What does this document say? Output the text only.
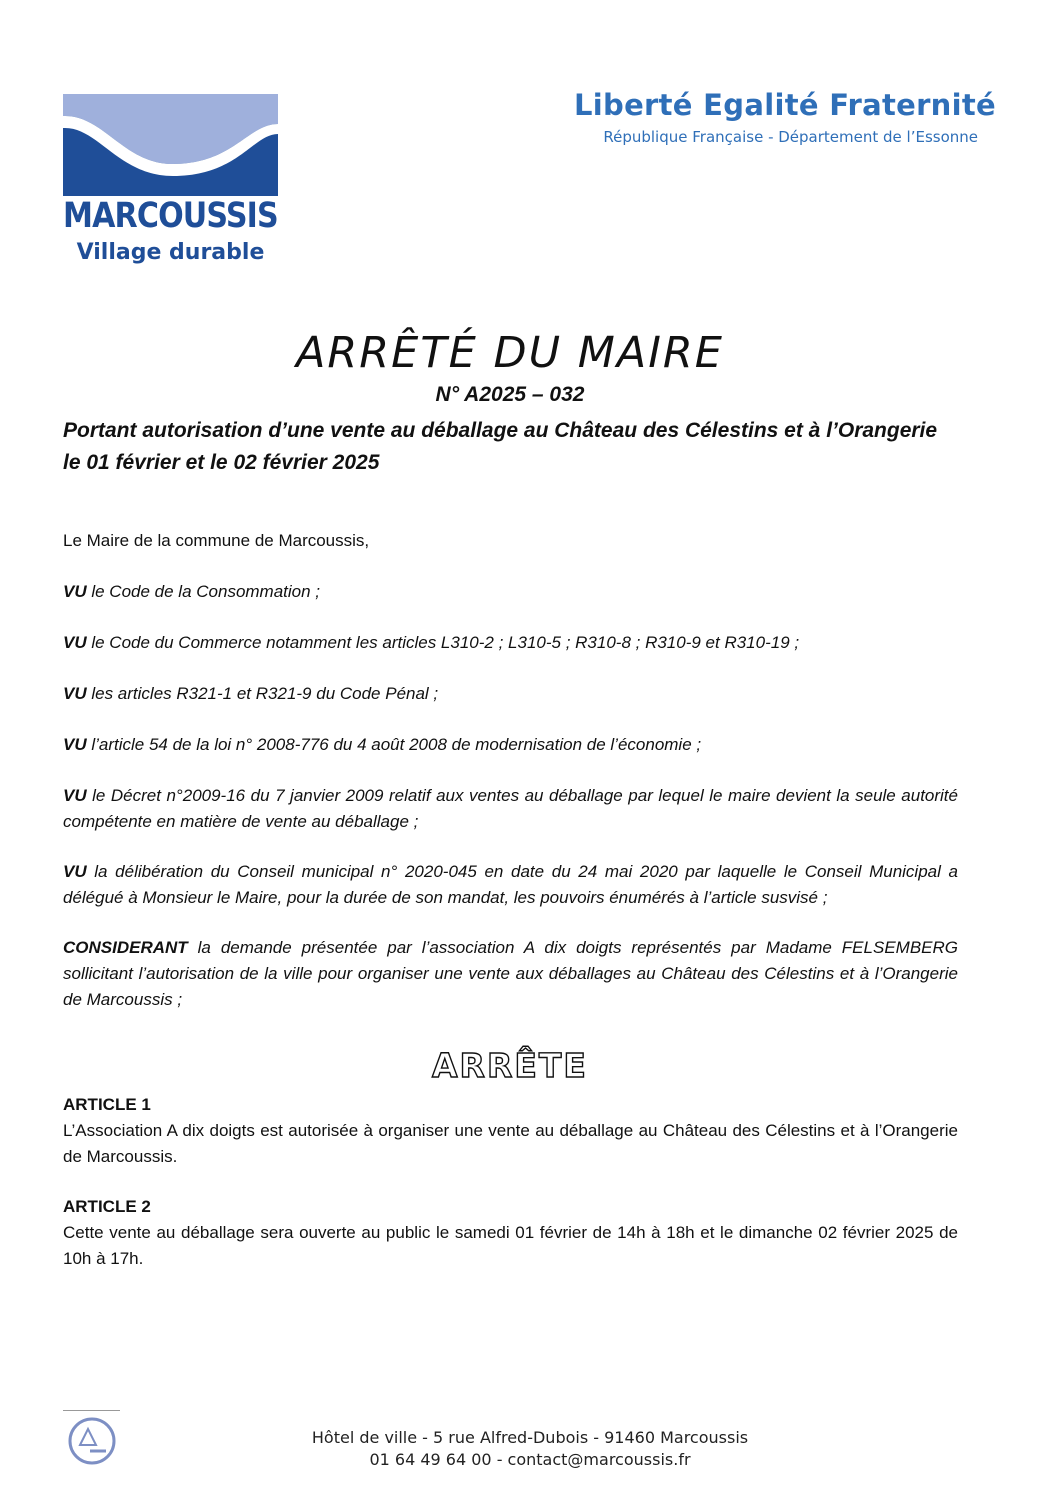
MARCOUSSIS
Village durable
Liberté Egalité Fraternité
République Française - Département de l’Essonne
ARRÊTÉ DU MAIRE
N° A2025 – 032
Portant autorisation d’une vente au déballage au Château des Célestins et à l’Orangerie
le 01 février et le 02 février 2025
Le Maire de la commune de Marcoussis,
VU le Code de la Consommation ;
VU le Code du Commerce notamment les articles L310-2 ; L310-5 ; R310-8 ; R310-9 et R310-19 ;
VU les articles R321-1 et R321-9 du Code Pénal ;
VU l’article 54 de la loi n° 2008-776 du 4 août 2008 de modernisation de l’économie ;
VU le Décret n°2009-16 du 7 janvier 2009 relatif aux ventes au déballage par lequel le maire devient la seule autorité compétente en matière de vente au déballage ;
VU la délibération du Conseil municipal n° 2020-045 en date du 24 mai 2020 par laquelle le Conseil Municipal a délégué à Monsieur le Maire, pour la durée de son mandat, les pouvoirs énumérés à l’article susvisé ;
CONSIDERANT la demande présentée par l’association A dix doigts représentés par Madame FELSEMBERG sollicitant l’autorisation de la ville pour organiser une vente aux déballages au Château des Célestins et à l’Orangerie de Marcoussis ;
ARRÊTE
ARTICLE 1
L’Association A dix doigts est autorisée à organiser une vente au déballage au Château des Célestins et à l’Orangerie de Marcoussis.
ARTICLE 2
Cette vente au déballage sera ouverte au public le samedi 01 février de 14h à 18h et le dimanche 02 février 2025 de 10h à 17h.
Hôtel de ville - 5 rue Alfred-Dubois - 91460 Marcoussis
01 64 49 64 00 - contact@marcoussis.fr
